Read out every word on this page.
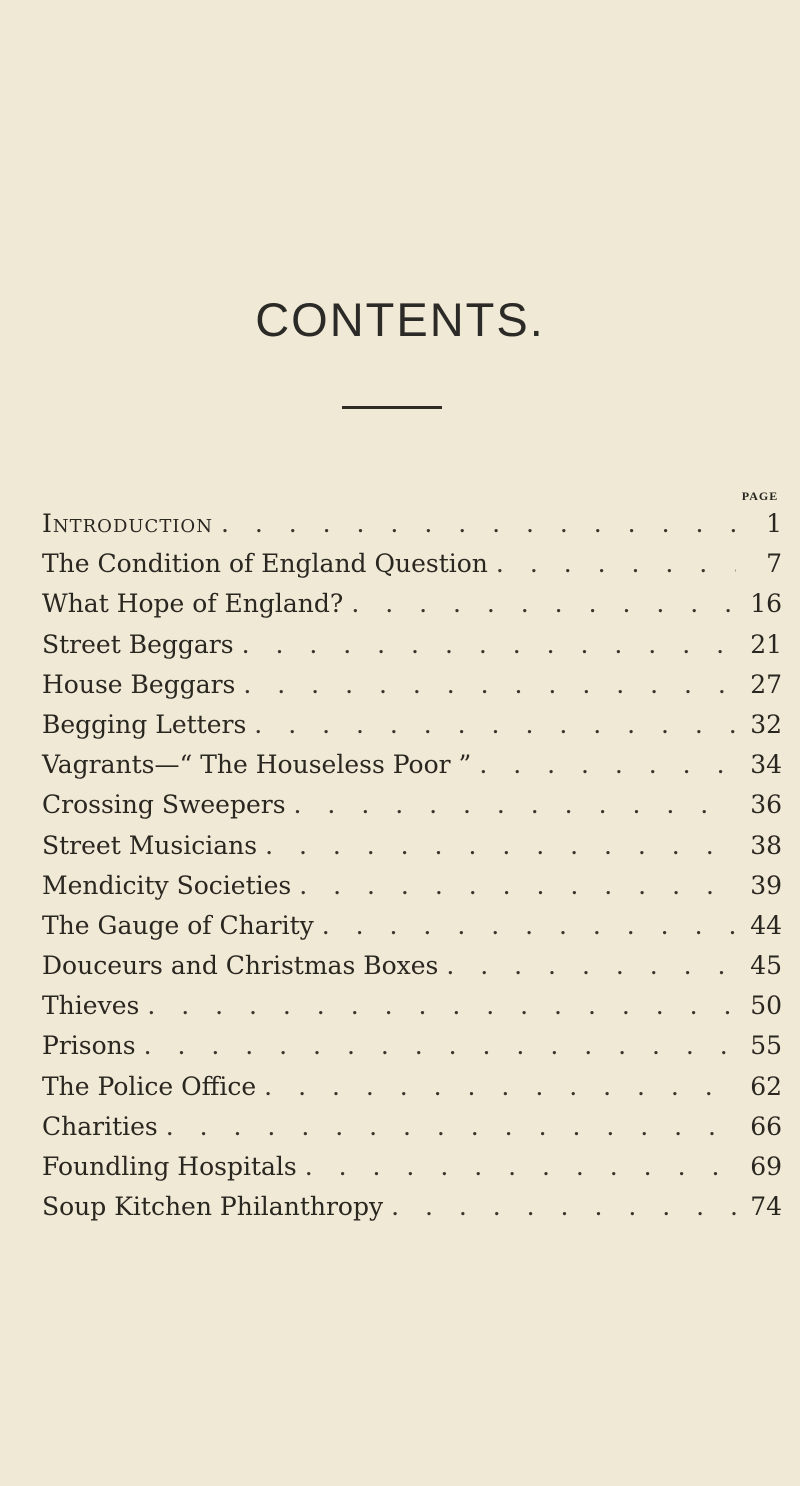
CONTENTS.
PAGE
Introduction . . .	1
The Condition of England Question . . .	7
What Hope of England? . . .	16
Street Beggars . . .	21
House Beggars . . .	27
Begging Letters . . .	32
Vagrants—“ The Houseless Poor ” . . .	34
Crossing Sweepers . . .	36
Street Musicians . . .	38
Mendicity Societies . . .	39
The Gauge of Charity . . .	44
Douceurs and Christmas Boxes . . .	45
Thieves . . .	50
Prisons . . .	55
The Police Office . . .	62
Charities . . .	66
Foundling Hospitals . . .	69
Soup Kitchen Philanthropy . . .	74
